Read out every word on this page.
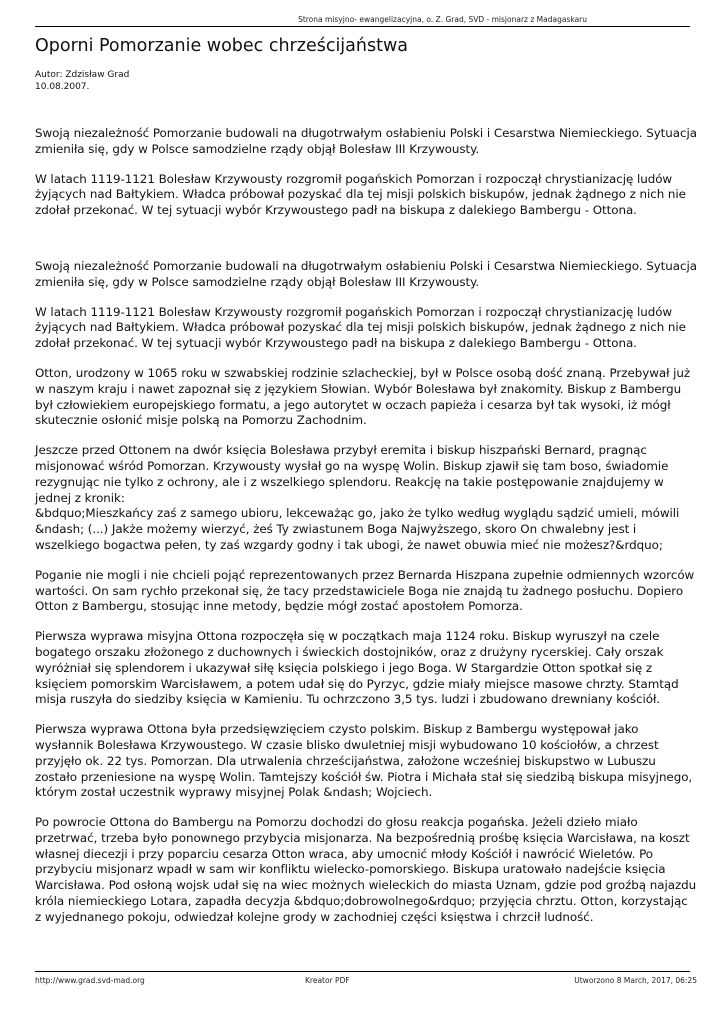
Strona misyjno- ewangelizacyjna, o. Z. Grad, SVD - misjonarz z Madagaskaru
Oporni Pomorzanie wobec chrześcijaństwa
Autor: Zdzisław Grad
10.08.2007.

Swoją niezależność Pomorzanie budowali na długotrwałym osłabieniu Polski i Cesarstwa Niemieckiego. Sytuacja zmieniła się, gdy w Polsce samodzielne rządy objął Bolesław III Krzywousty.

W latach 1119-1121 Bolesław Krzywousty rozgromił pogańskich Pomorzan i rozpoczął chrystianizację ludów żyjących nad Bałtykiem. Władca próbował pozyskać dla tej misji polskich biskupów, jednak żądnego z nich nie zdołał przekonać. W tej sytuacji wybór Krzywoustego padł na biskupa z dalekiego Bambergu - Ottona.

Swoją niezależność Pomorzanie budowali na długotrwałym osłabieniu Polski i Cesarstwa Niemieckiego. Sytuacja zmieniła się, gdy w Polsce samodzielne rządy objął Bolesław III Krzywousty.

W latach 1119-1121 Bolesław Krzywousty rozgromił pogańskich Pomorzan i rozpoczął chrystianizację ludów żyjących nad Bałtykiem. Władca próbował pozyskać dla tej misji polskich biskupów, jednak żądnego z nich nie zdołał przekonać. W tej sytuacji wybór Krzywoustego padł na biskupa z dalekiego Bambergu - Ottona.

Otton, urodzony w 1065 roku w szwabskiej rodzinie szlacheckiej, był w Polsce osobą dość znaną. Przebywał już w naszym kraju i nawet zapoznał się z językiem Słowian. Wybór Bolesława był znakomity. Biskup z Bambergu był człowiekiem europejskiego formatu, a jego autorytet w oczach papieża i cesarza był tak wysoki, iż mógł skutecznie osłonić misje polską na Pomorzu Zachodnim.

Jeszcze przed Ottonem na dwór księcia Bolesława przybył eremita i biskup hiszpański Bernard, pragnąc misjonować wśród Pomorzan. Krzywousty wysłał go na wyspę Wolin. Biskup zjawił się tam boso, świadomie rezygnując nie tylko z ochrony, ale i z wszelkiego splendoru. Reakcję na takie postępowanie znajdujemy w jednej z kronik:
&bdquo;Mieszkańcy zaś z samego ubioru, lekceważąc go, jako że tylko według wyglądu sądzić umieli, mówili &ndash; (...) Jakże możemy wierzyć, żeś Ty zwiastunem Boga Najwyższego, skoro On chwalebny jest i wszelkiego bogactwa pełen, ty zaś wzgardy godny i tak ubogi, że nawet obuwia mieć nie możesz?&rdquo;

Poganie nie mogli i nie chcieli pojąć reprezentowanych przez Bernarda Hiszpana zupełnie odmiennych wzorców wartości. On sam rychło przekonał się, że tacy przedstawiciele Boga nie znajdą tu żadnego posłuchu. Dopiero Otton z Bambergu, stosując inne metody, będzie mógł zostać apostołem Pomorza.

Pierwsza wyprawa misyjna Ottona rozpoczęła się w początkach maja 1124 roku. Biskup wyruszył na czele bogatego orszaku złożonego z duchownych i świeckich dostojników, oraz z drużyny rycerskiej. Cały orszak wyróżniał się splendorem i ukazywał siłę księcia polskiego i jego Boga. W Stargardzie Otton spotkał się z księciem pomorskim Warcisławem, a potem udał się do Pyrzyc, gdzie miały miejsce masowe chrzty. Stamtąd misja ruszyła do siedziby księcia w Kamieniu. Tu ochrzczono 3,5 tys. ludzi i zbudowano drewniany kościół.

Pierwsza wyprawa Ottona była przedsięwzięciem czysto polskim. Biskup z Bambergu występował jako wysłannik Bolesława Krzywoustego. W czasie blisko dwuletniej misji wybudowano 10 kościołów, a chrzest przyjęło ok. 22 tys. Pomorzan. Dla utrwalenia chrześcijaństwa, założone wcześniej biskupstwo w Lubuszu zostało przeniesione na wyspę Wolin. Tamtejszy kościół św. Piotra i Michała stał się siedzibą biskupa misyjnego, którym został uczestnik wyprawy misyjnej Polak &ndash; Wojciech.

Po powrocie Ottona do Bambergu na Pomorzu dochodzi do głosu reakcja pogańska. Jeżeli dzieło miało przetrwać, trzeba było ponownego przybycia misjonarza. Na bezpośrednią prośbę księcia Warcisława, na koszt własnej diecezji i przy poparciu cesarza Otton wraca, aby umocnić młody Kościół i nawrócić Wieletów. Po przybyciu misjonarz wpadł w sam wir konfliktu wielecko-pomorskiego. Biskupa uratowało nadejście księcia Warcisława. Pod osłoną wojsk udał się na wiec możnych wieleckich do miasta Uznam, gdzie pod groźbą najazdu króla niemieckiego Lotara, zapadła decyzja &bdquo;dobrowolnego&rdquo; przyjęcia chrztu. Otton, korzystając z wyjednanego pokoju, odwiedzał kolejne grody w zachodniej części księstwa i chrzcił ludność.

http://www.grad.svd-mad.org	Kreator PDF	Utworzono 8 March, 2017, 06:25
